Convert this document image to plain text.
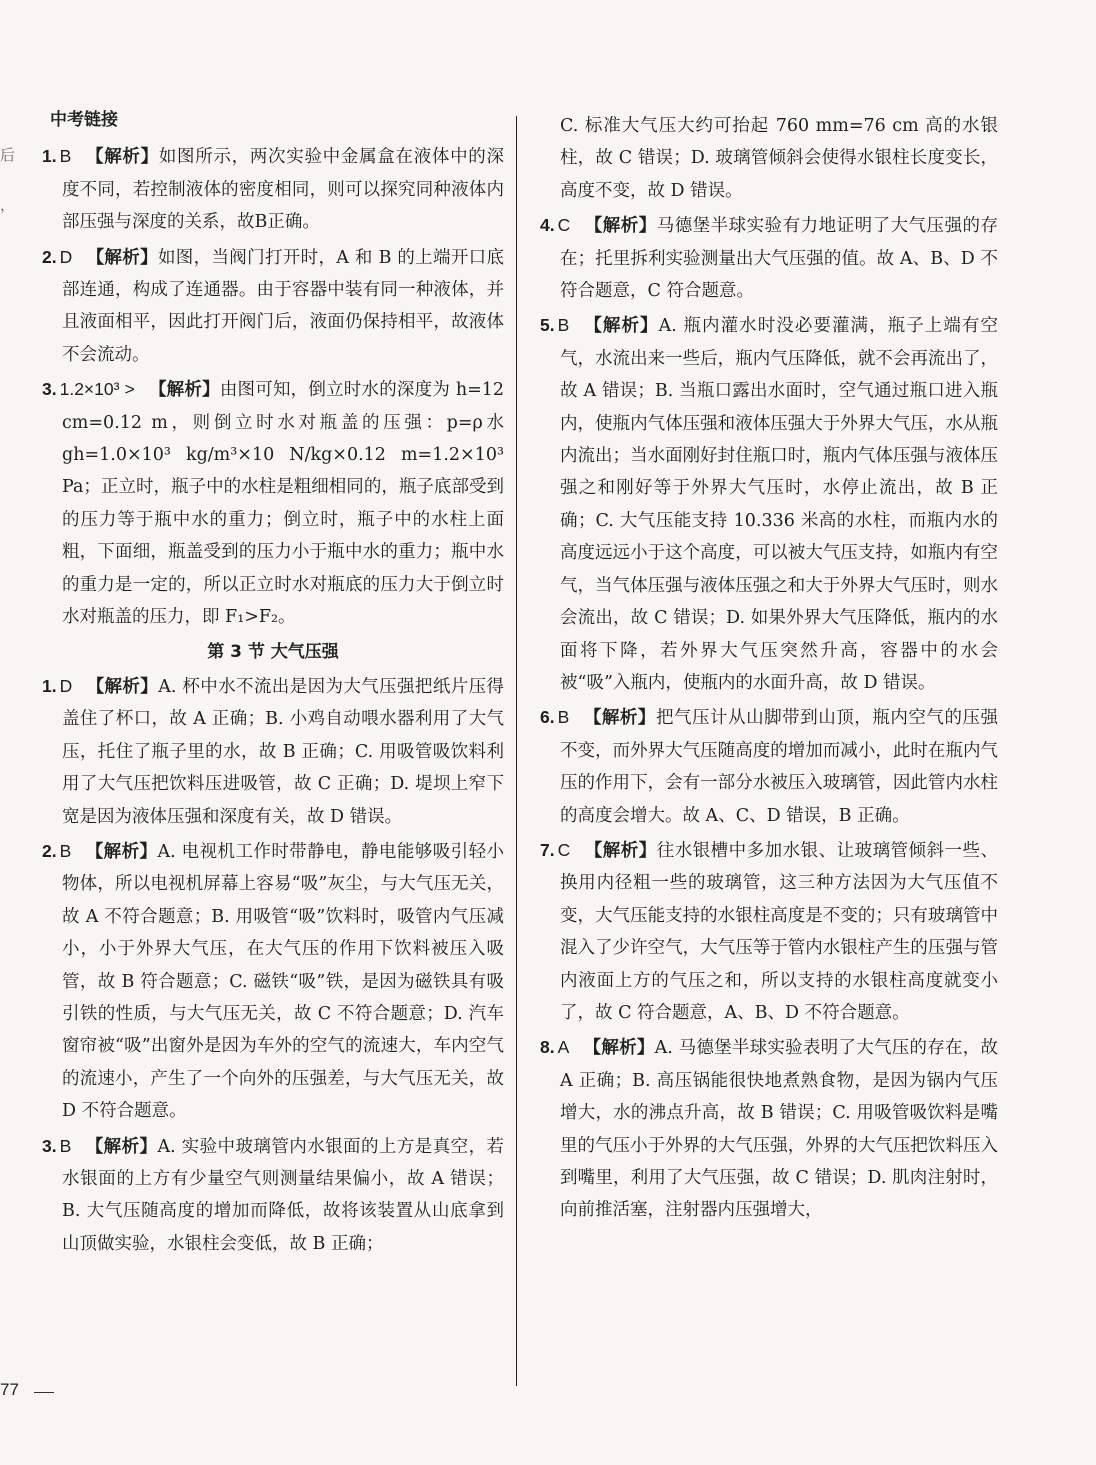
后
，
中考链接
1. B 【解析】如图所示，两次实验中金属盒在液体中的深度不同，若控制液体的密度相同，则可以探究同种液体内部压强与深度的关系，故B正确。
2. D 【解析】如图，当阀门打开时，A 和 B 的上端开口底部连通，构成了连通器。由于容器中装有同一种液体，并且液面相平，因此打开阀门后，液面仍保持相平，故液体不会流动。
3. 1.2×10³ > 【解析】由图可知，倒立时水的深度为 h=12 cm=0.12 m，则倒立时水对瓶盖的压强：p=ρ水gh=1.0×10³ kg/m³×10 N/kg×0.12 m=1.2×10³ Pa；正立时，瓶子中的水柱是粗细相同的，瓶子底部受到的压力等于瓶中水的重力；倒立时，瓶子中的水柱上面粗，下面细，瓶盖受到的压力小于瓶中水的重力；瓶中水的重力是一定的，所以正立时水对瓶底的压力大于倒立时水对瓶盖的压力，即 F₁>F₂。
第 3 节 大气压强
1. D 【解析】A. 杯中水不流出是因为大气压强把纸片压得盖住了杯口，故 A 正确；B. 小鸡自动喂水器利用了大气压，托住了瓶子里的水，故 B 正确；C. 用吸管吸饮料利用了大气压把饮料压进吸管，故 C 正确；D. 堤坝上窄下宽是因为液体压强和深度有关，故 D 错误。
2. B 【解析】A. 电视机工作时带静电，静电能够吸引轻小物体，所以电视机屏幕上容易“吸”灰尘，与大气压无关，故 A 不符合题意；B. 用吸管“吸”饮料时，吸管内气压减小，小于外界大气压，在大气压的作用下饮料被压入吸管，故 B 符合题意；C. 磁铁“吸”铁，是因为磁铁具有吸引铁的性质，与大气压无关，故 C 不符合题意；D. 汽车窗帘被“吸”出窗外是因为车外的空气的流速大，车内空气的流速小，产生了一个向外的压强差，与大气压无关，故 D 不符合题意。
3. B 【解析】A. 实验中玻璃管内水银面的上方是真空，若水银面的上方有少量空气则测量结果偏小，故 A 错误；B. 大气压随高度的增加而降低，故将该装置从山底拿到山顶做实验，水银柱会变低，故 B 正确；
C. 标准大气压大约可抬起 760 mm=76 cm 高的水银柱，故 C 错误；D. 玻璃管倾斜会使得水银柱长度变长，高度不变，故 D 错误。
4. C 【解析】马德堡半球实验有力地证明了大气压强的存在；托里拆利实验测量出大气压强的值。故 A、B、D 不符合题意，C 符合题意。
5. B 【解析】A. 瓶内灌水时没必要灌满，瓶子上端有空气，水流出来一些后，瓶内气压降低，就不会再流出了，故 A 错误；B. 当瓶口露出水面时，空气通过瓶口进入瓶内，使瓶内气体压强和液体压强大于外界大气压，水从瓶内流出；当水面刚好封住瓶口时，瓶内气体压强与液体压强之和刚好等于外界大气压时，水停止流出，故 B 正确；C. 大气压能支持 10.336 米高的水柱，而瓶内水的高度远远小于这个高度，可以被大气压支持，如瓶内有空气，当气体压强与液体压强之和大于外界大气压时，则水会流出，故 C 错误；D. 如果外界大气压降低，瓶内的水面将下降，若外界大气压突然升高，容器中的水会被“吸”入瓶内，使瓶内的水面升高，故 D 错误。
6. B 【解析】把气压计从山脚带到山顶，瓶内空气的压强不变，而外界大气压随高度的增加而减小，此时在瓶内气压的作用下，会有一部分水被压入玻璃管，因此管内水柱的高度会增大。故 A、C、D 错误，B 正确。
7. C 【解析】往水银槽中多加水银、让玻璃管倾斜一些、换用内径粗一些的玻璃管，这三种方法因为大气压值不变，大气压能支持的水银柱高度是不变的；只有玻璃管中混入了少许空气，大气压等于管内水银柱产生的压强与管内液面上方的气压之和，所以支持的水银柱高度就变小了，故 C 符合题意，A、B、D 不符合题意。
8. A 【解析】A. 马德堡半球实验表明了大气压的存在，故 A 正确；B. 高压锅能很快地煮熟食物，是因为锅内气压增大，水的沸点升高，故 B 错误；C. 用吸管吸饮料是嘴里的气压小于外界的大气压强，外界的大气压把饮料压入到嘴里，利用了大气压强，故 C 错误；D. 肌肉注射时，向前推活塞，注射器内压强增大，
77
